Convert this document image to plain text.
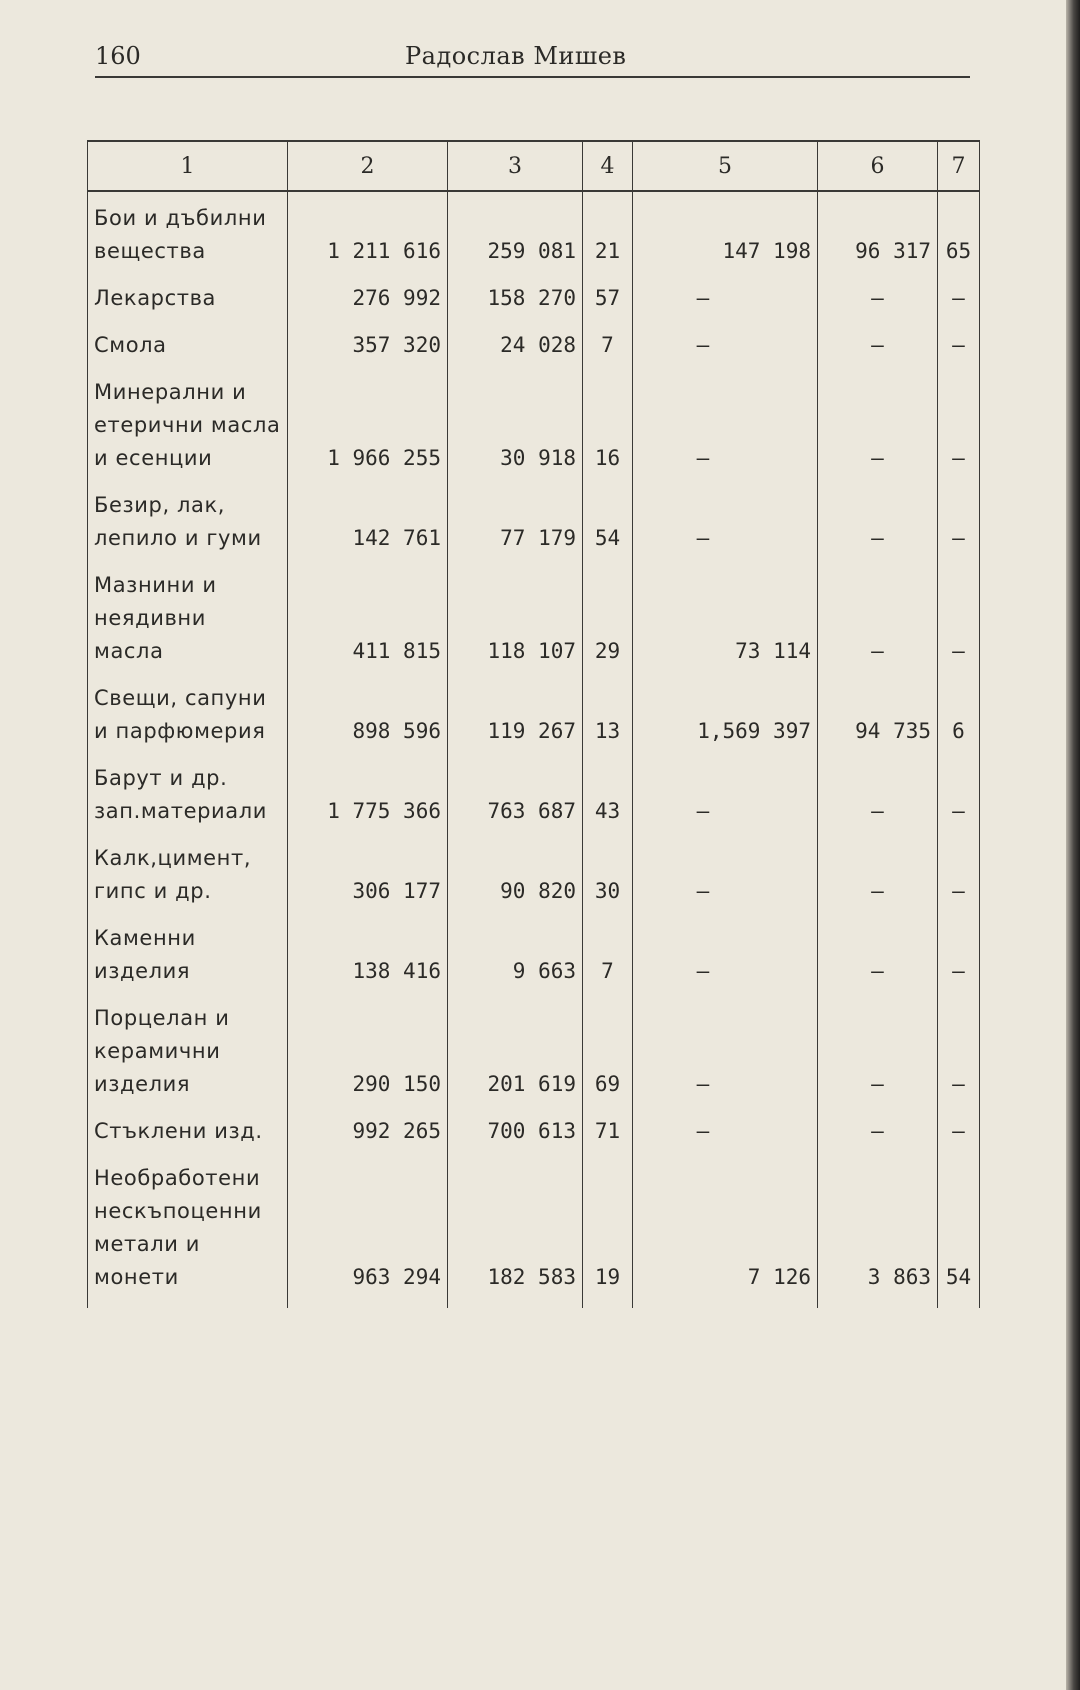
160	Радослав Мишев
1	2	3	4	5	6	7
Бои и дъбилни вещества	1 211 616	259 081	21	147 198	96 317	65
Лекарства	276 992	158 270	57	–	–	–
Смола	357 320	24 028	7	–	–	–
Минерални и етерични масла и есенции	1 966 255	30 918	16	–	–	–
Безир, лак, лепило и гуми	142 761	77 179	54	–	–	–
Мазнини и неядивни масла	411 815	118 107	29	73 114	–	–
Свещи, сапуни и парфюмерия	898 596	119 267	13	1,569 397	94 735	6
Барут и др. зап.материали	1 775 366	763 687	43	–	–	–
Калк,цимент, гипс и др.	306 177	90 820	30	–	–	–
Каменни изделия	138 416	9 663	7	–	–	–
Порцелан и керамични изделия	290 150	201 619	69	–	–	–
Стъклени изд.	992 265	700 613	71	–	–	–
Необработени нескъпоценни метали и монети	963 294	182 583	19	7 126	3 863	54
